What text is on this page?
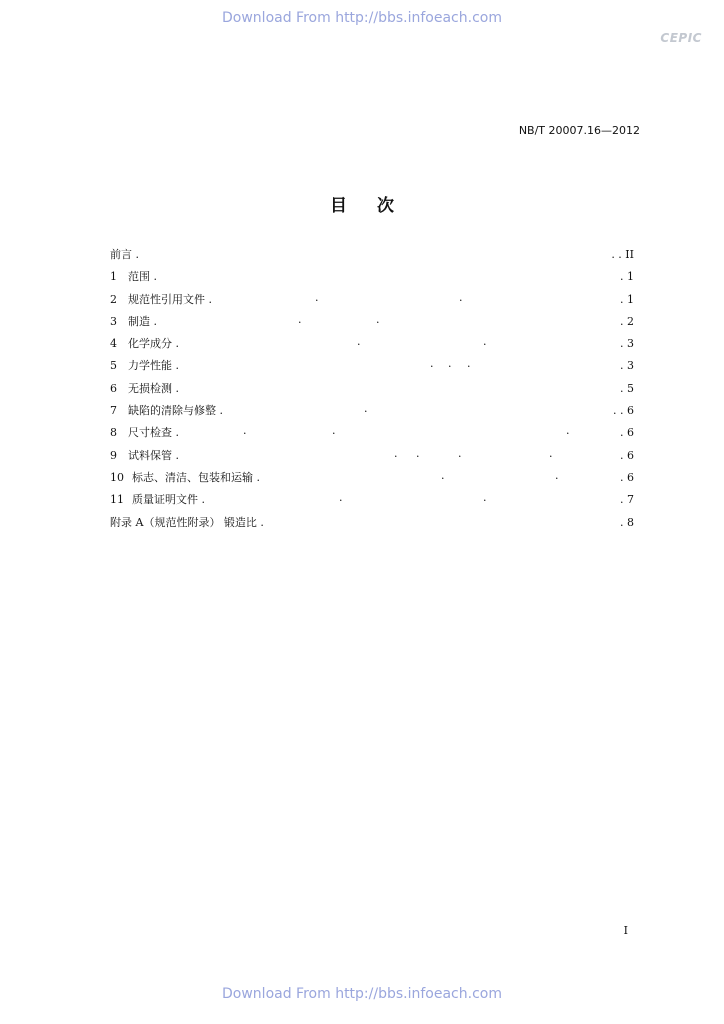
Download From http://bbs.infoeach.com
CEPIC
NB/T 20007.16—2012
目 次
前言 .	. . II
1 范围 .	. 1
2 规范性引用文件 .	.	.	. 1
3 制造 .	.	.	. 2
4 化学成分 .	.	.	. 3
5 力学性能 .	. . .	. 3
6 无损检测 .	. 5
7 缺陷的清除与修整 .	.	. . 6
8 尺寸检查 .	.	.	.	. 6
9 试料保管 .	. .	.	.	. 6
10 标志、清洁、包装和运输 .	.	.	. 6
11 质量证明文件 .	.	.	. 7
附录 A（规范性附录） 锻造比 .	. 8
I
Download From http://bbs.infoeach.com
